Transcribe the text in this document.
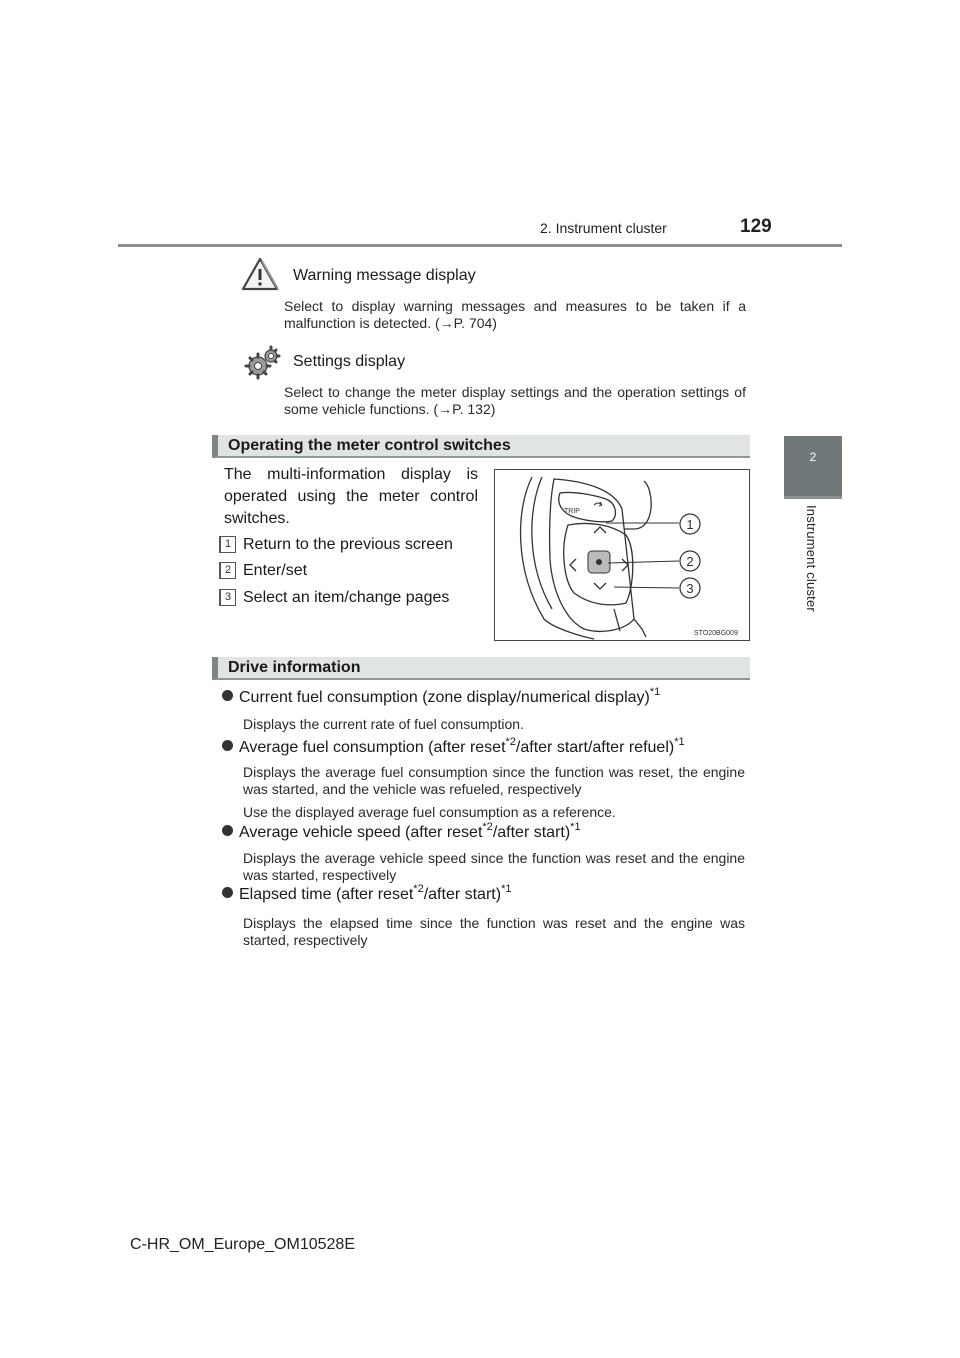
2. Instrument cluster	129
2
Instrument cluster
Warning message display
Select to display warning messages and measures to be taken if a malfunction is detected. (→P. 704)
Settings display
Select to change the meter display settings and the operation settings of some vehicle functions. (→P. 132)
Operating the meter control switches
The multi-information display is operated using the meter control switches.
1 Return to the previous screen
2 Enter/set
3 Select an item/change pages
TRIP
1
2
3
STO20BG009
Drive information
Current fuel consumption (zone display/numerical display)$^{*1}$
Displays the current rate of fuel consumption.
Average fuel consumption (after reset$^{*2}$/after start/after refuel)$^{*1}$
Displays the average fuel consumption since the function was reset, the engine was started, and the vehicle was refueled, respectively
Use the displayed average fuel consumption as a reference.
Average vehicle speed (after reset$^{*2}$/after start)$^{*1}$
Displays the average vehicle speed since the function was reset and the engine was started, respectively
Elapsed time (after reset$^{*2}$/after start)$^{*1}$
Displays the elapsed time since the function was reset and the engine was started, respectively
C-HR_OM_Europe_OM10528E
